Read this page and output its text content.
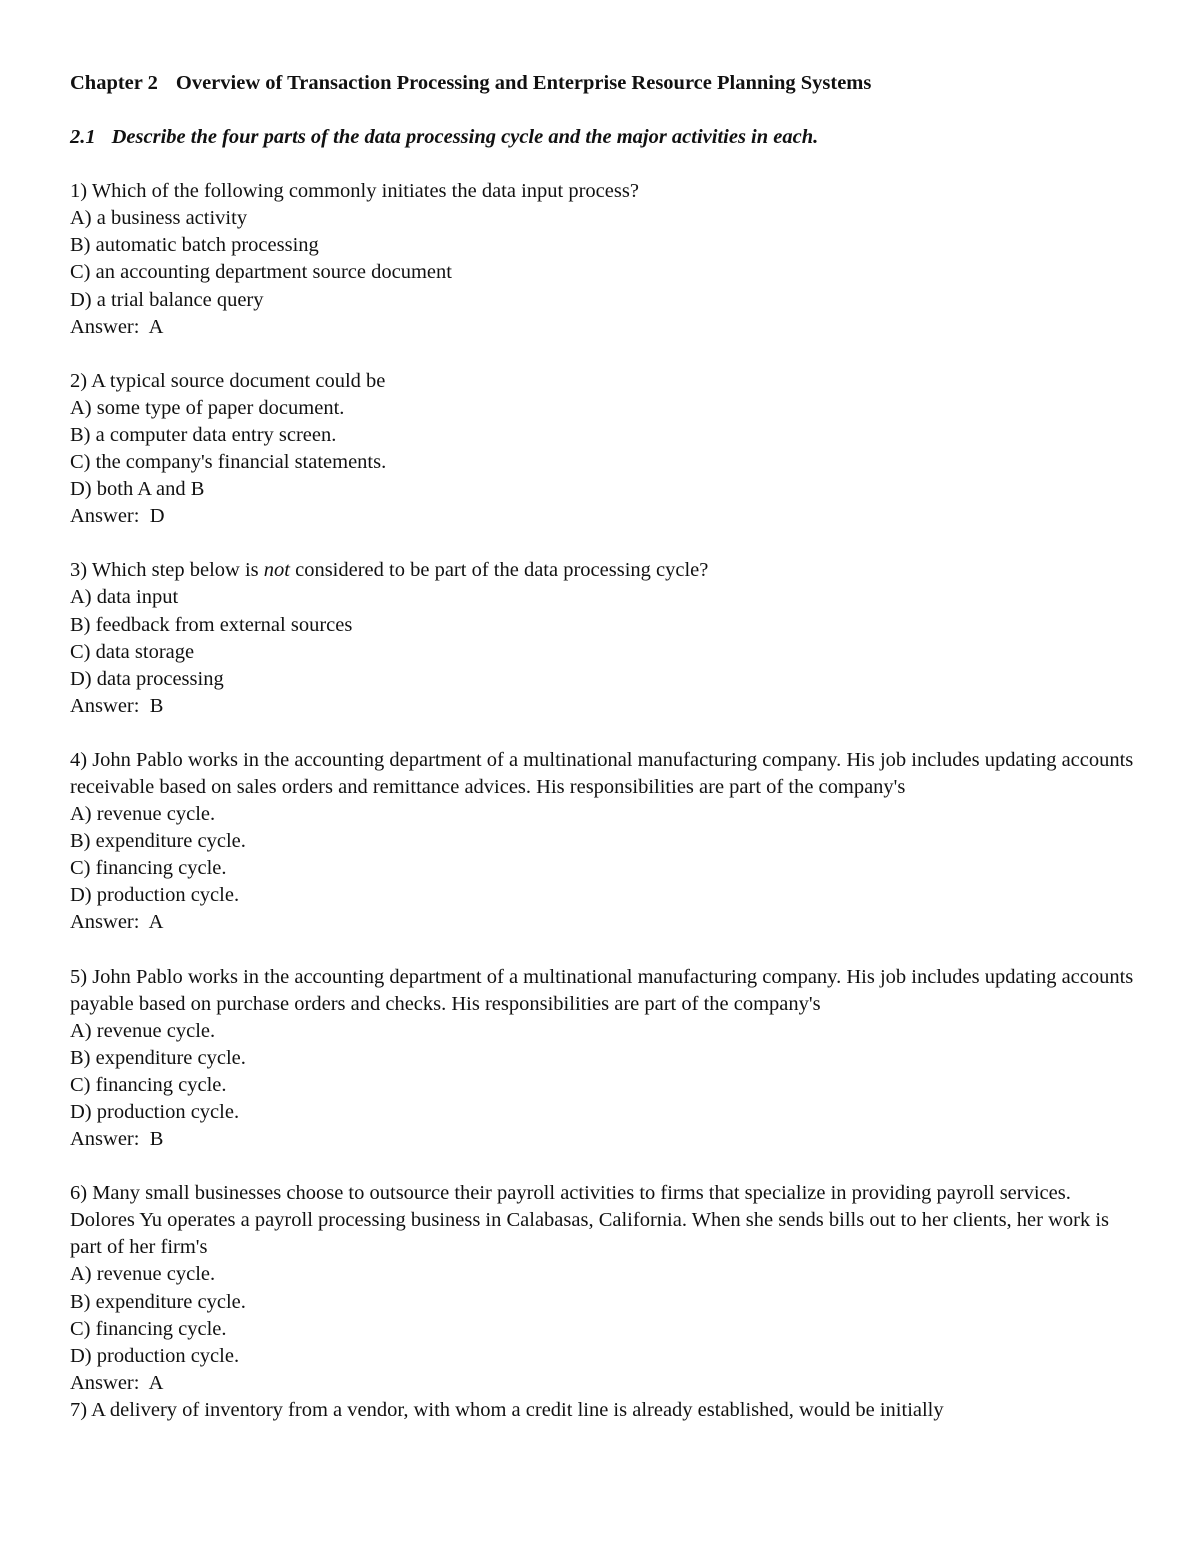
Chapter 2 Overview of Transaction Processing and Enterprise Resource Planning Systems
2.1 Describe the four parts of the data processing cycle and the major activities in each.
1) Which of the following commonly initiates the data input process?
A) a business activity
B) automatic batch processing
C) an accounting department source document
D) a trial balance query
Answer:  A
2) A typical source document could be
A) some type of paper document.
B) a computer data entry screen.
C) the company's financial statements.
D) both A and B
Answer:  D
3) Which step below is not considered to be part of the data processing cycle?
A) data input
B) feedback from external sources
C) data storage
D) data processing
Answer:  B
4) John Pablo works in the accounting department of a multinational manufacturing company. His job includes updating accounts receivable based on sales orders and remittance advices. His responsibilities are part of the company's
A) revenue cycle.
B) expenditure cycle.
C) financing cycle.
D) production cycle.
Answer:  A
5) John Pablo works in the accounting department of a multinational manufacturing company. His job includes updating accounts payable based on purchase orders and checks. His responsibilities are part of the company's
A) revenue cycle.
B) expenditure cycle.
C) financing cycle.
D) production cycle.
Answer:  B
6) Many small businesses choose to outsource their payroll activities to firms that specialize in providing payroll services. Dolores Yu operates a payroll processing business in Calabasas, California. When she sends bills out to her clients, her work is part of her firm's
A) revenue cycle.
B) expenditure cycle.
C) financing cycle.
D) production cycle.
Answer:  A
7) A delivery of inventory from a vendor, with whom a credit line is already established, would be initially
